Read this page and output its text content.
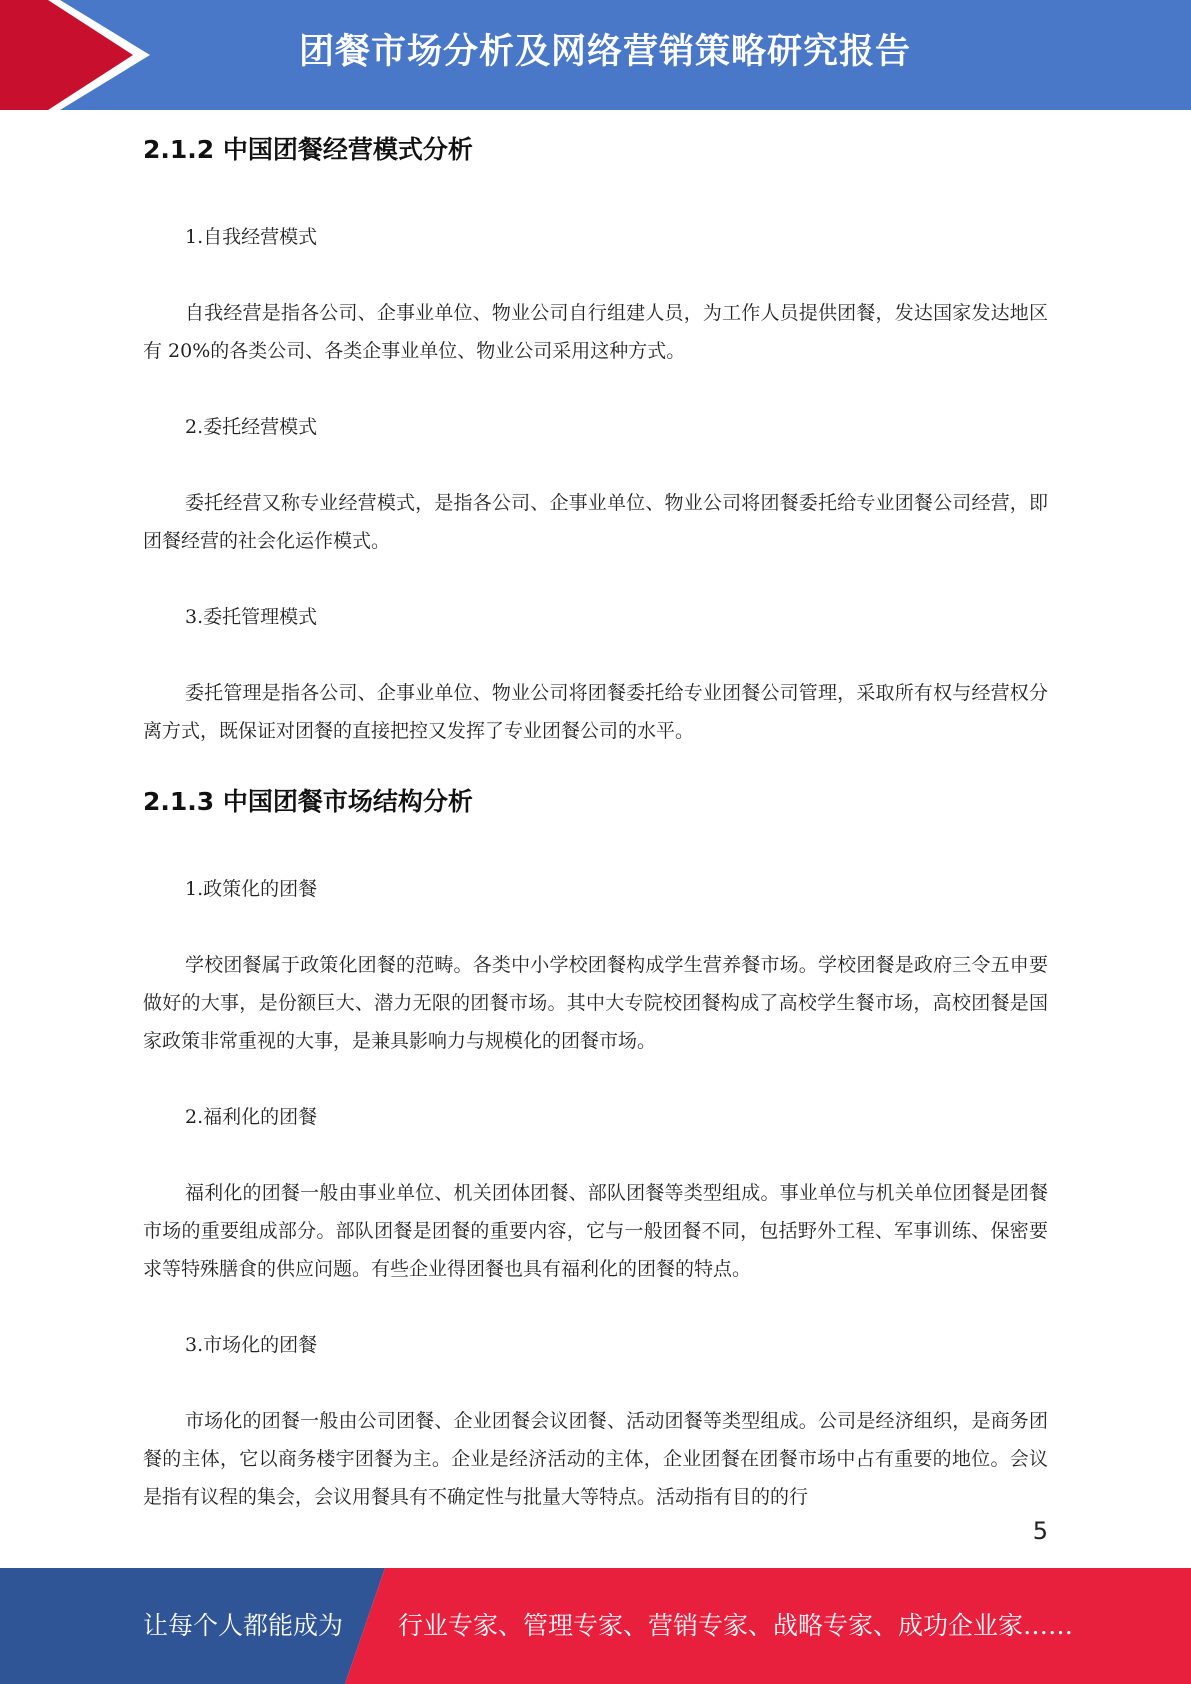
团餐市场分析及网络营销策略研究报告
2.1.2 中国团餐经营模式分析

1.自我经营模式

自我经营是指各公司、企事业单位、物业公司自行组建人员，为工作人员提供团餐，发达国家发达地区有 20%的各类公司、各类企事业单位、物业公司采用这种方式。

2.委托经营模式

委托经营又称专业经营模式，是指各公司、企事业单位、物业公司将团餐委托给专业团餐公司经营，即团餐经营的社会化运作模式。

3.委托管理模式

委托管理是指各公司、企事业单位、物业公司将团餐委托给专业团餐公司管理，采取所有权与经营权分离方式，既保证对团餐的直接把控又发挥了专业团餐公司的水平。

2.1.3 中国团餐市场结构分析

1.政策化的团餐

学校团餐属于政策化团餐的范畴。各类中小学校团餐构成学生营养餐市场。学校团餐是政府三令五申要做好的大事，是份额巨大、潜力无限的团餐市场。其中大专院校团餐构成了高校学生餐市场，高校团餐是国家政策非常重视的大事，是兼具影响力与规模化的团餐市场。

2.福利化的团餐

福利化的团餐一般由事业单位、机关团体团餐、部队团餐等类型组成。事业单位与机关单位团餐是团餐市场的重要组成部分。部队团餐是团餐的重要内容，它与一般团餐不同，包括野外工程、军事训练、保密要求等特殊膳食的供应问题。有些企业得团餐也具有福利化的团餐的特点。

3.市场化的团餐

市场化的团餐一般由公司团餐、企业团餐会议团餐、活动团餐等类型组成。公司是经济组织，是商务团餐的主体，它以商务楼宇团餐为主。企业是经济活动的主体，企业团餐在团餐市场中占有重要的地位。会议是指有议程的集会，会议用餐具有不确定性与批量大等特点。活动指有目的的行

5
让每个人都能成为 行业专家、管理专家、营销专家、战略专家、成功企业家……
